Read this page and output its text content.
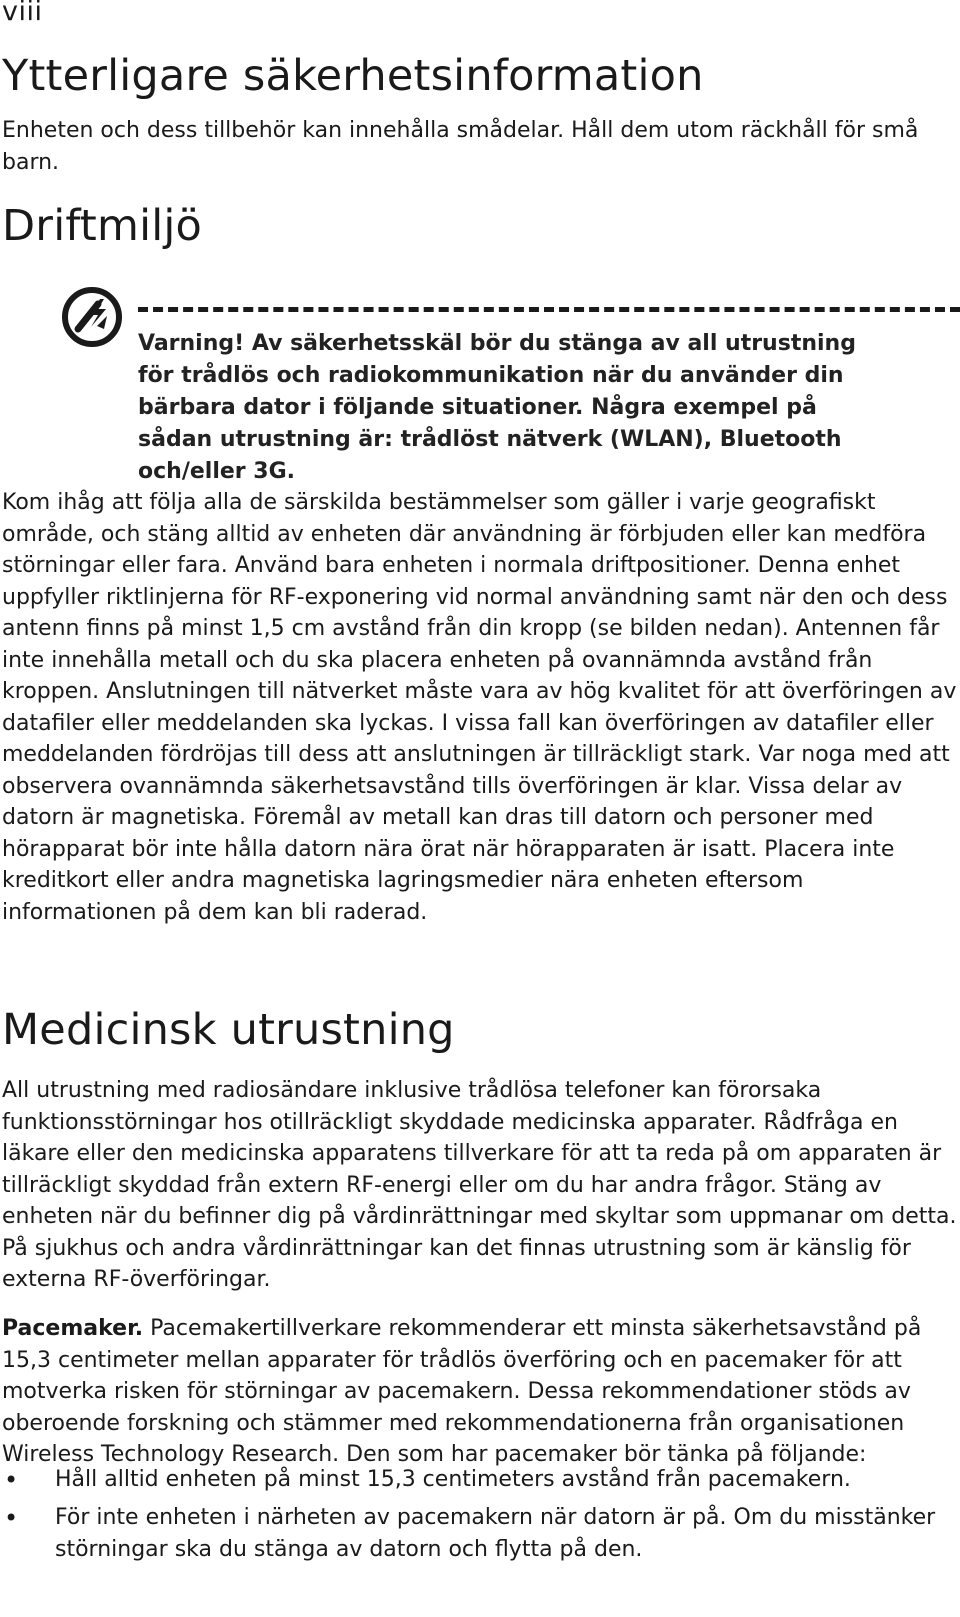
viii
Ytterligare säkerhetsinformation

Enheten och dess tillbehör kan innehålla smådelar. Håll dem utom räckhåll för små barn.

Driftmiljö

Varning! Av säkerhetsskäl bör du stänga av all utrustning för trådlös och radiokommunikation när du använder din bärbara dator i följande situationer. Några exempel på sådan utrustning är: trådlöst nätverk (WLAN), Bluetooth och/eller 3G.

Kom ihåg att följa alla de särskilda bestämmelser som gäller i varje geografiskt område, och stäng alltid av enheten där användning är förbjuden eller kan medföra störningar eller fara. Använd bara enheten i normala driftpositioner. Denna enhet uppfyller riktlinjerna för RF-exponering vid normal användning samt när den och dess antenn finns på minst 1,5 cm avstånd från din kropp (se bilden nedan). Antennen får inte innehålla metall och du ska placera enheten på ovannämnda avstånd från kroppen. Anslutningen till nätverket måste vara av hög kvalitet för att överföringen av datafiler eller meddelanden ska lyckas. I vissa fall kan överföringen av datafiler eller meddelanden fördröjas till dess att anslutningen är tillräckligt stark. Var noga med att observera ovannämnda säkerhetsavstånd tills överföringen är klar. Vissa delar av datorn är magnetiska. Föremål av metall kan dras till datorn och personer med hörapparat bör inte hålla datorn nära örat när hörapparaten är isatt. Placera inte kreditkort eller andra magnetiska lagringsmedier nära enheten eftersom informationen på dem kan bli raderad.

Medicinsk utrustning

All utrustning med radiosändare inklusive trådlösa telefoner kan förorsaka funktionsstörningar hos otillräckligt skyddade medicinska apparater. Rådfråga en läkare eller den medicinska apparatens tillverkare för att ta reda på om apparaten är tillräckligt skyddad från extern RF-energi eller om du har andra frågor. Stäng av enheten när du befinner dig på vårdinrättningar med skyltar som uppmanar om detta. På sjukhus och andra vårdinrättningar kan det finnas utrustning som är känslig för externa RF-överföringar.

Pacemaker. Pacemakertillverkare rekommenderar ett minsta säkerhetsavstånd på 15,3 centimeter mellan apparater för trådlös överföring och en pacemaker för att motverka risken för störningar av pacemakern. Dessa rekommendationer stöds av oberoende forskning och stämmer med rekommendationerna från organisationen Wireless Technology Research. Den som har pacemaker bör tänka på följande:

• Håll alltid enheten på minst 15,3 centimeters avstånd från pacemakern.
• För inte enheten i närheten av pacemakern när datorn är på. Om du misstänker störningar ska du stänga av datorn och flytta på den.
